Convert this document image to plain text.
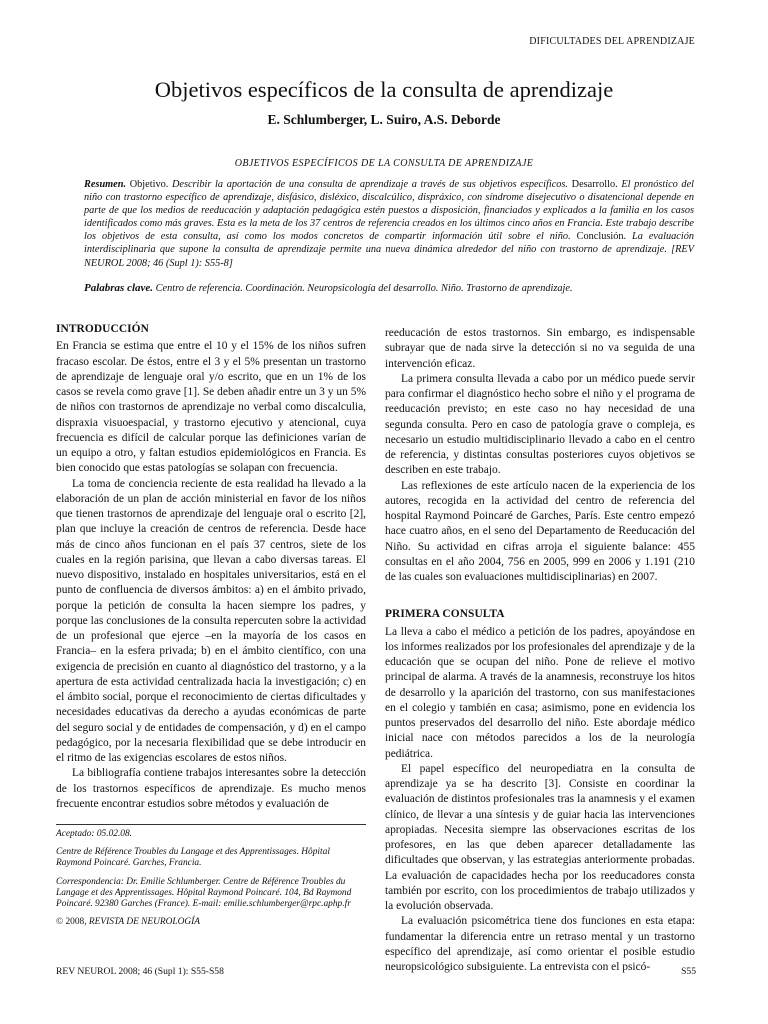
DIFICULTADES DEL APRENDIZAJE
Objetivos específicos de la consulta de aprendizaje
E. Schlumberger, L. Suiro, A.S. Deborde
OBJETIVOS ESPECÍFICOS DE LA CONSULTA DE APRENDIZAJE
Resumen. Objetivo. Describir la aportación de una consulta de aprendizaje a través de sus objetivos específicos. Desarrollo. El pronóstico del niño con trastorno específico de aprendizaje, disfásico, disléxico, discalcúlico, dispráxico, con síndrome disejecutivo o disatencional depende en parte de que los medios de reeducación y adaptación pedagógica estén puestos a disposición, financiados y explicados a la familia en los casos identificados como más graves. Esta es la meta de los 37 centros de referencia creados en los últimos cinco años en Francia. Este trabajo describe los objetivos de esta consulta, así como los modos concretos de compartir información útil sobre el niño. Conclusión. La evaluación interdisciplinaria que supone la consulta de aprendizaje permite una nueva dinámica alrededor del niño con trastorno de aprendizaje. [REV NEUROL 2008; 46 (Supl 1): S55-8]
Palabras clave. Centro de referencia. Coordinación. Neuropsicología del desarrollo. Niño. Trastorno de aprendizaje.
INTRODUCCIÓN

En Francia se estima que entre el 10 y el 15% de los niños sufren fracaso escolar. De éstos, entre el 3 y el 5% presentan un trastorno de aprendizaje de lenguaje oral y/o escrito, que en un 1% de los casos se revela como grave [1]. Se deben añadir entre un 3 y un 5% de niños con trastornos de aprendizaje no verbal como discalculia, dispraxia visuoespacial, y trastorno ejecutivo y atencional, cuya frecuencia es difícil de calcular porque las definiciones varían de un equipo a otro, y faltan estudios epidemiológicos en Francia. Es bien conocido que estas patologías se solapan con frecuencia.

La toma de conciencia reciente de esta realidad ha llevado a la elaboración de un plan de acción ministerial en favor de los niños que tienen trastornos de aprendizaje del lenguaje oral o escrito [2], plan que incluye la creación de centros de referencia. Desde hace más de cinco años funcionan en el país 37 centros, siete de los cuales en la región parisina, que llevan a cabo diversas tareas. El nuevo dispositivo, instalado en hospitales universitarios, está en el punto de confluencia de diversos ámbitos: a) en el ámbito privado, porque la petición de consulta la hacen siempre los padres, y porque las conclusiones de la consulta repercuten sobre la actividad de un profesional que ejerce –en la mayoría de los casos en Francia– en la esfera privada; b) en el ámbito científico, con una exigencia de precisión en cuanto al diagnóstico del trastorno, y a la apertura de esta actividad centralizada hacia la investigación; c) en el ámbito social, porque el reconocimiento de ciertas dificultades y necesidades educativas da derecho a ayudas económicas de parte del seguro social y de entidades de compensación, y d) en el campo pedagógico, por la necesaria flexibilidad que se debe introducir en el ritmo de las exigencias escolares de estos niños.

La bibliografía contiene trabajos interesantes sobre la detección de los trastornos específicos de aprendizaje. Es mucho menos frecuente encontrar estudios sobre métodos y evaluación de

reeducación de estos trastornos. Sin embargo, es indispensable subrayar que de nada sirve la detección si no va seguida de una intervención eficaz.

La primera consulta llevada a cabo por un médico puede servir para confirmar el diagnóstico hecho sobre el niño y el programa de reeducación previsto; en este caso no hay necesidad de una segunda consulta. Pero en caso de patología grave o compleja, es necesario un estudio multidisciplinario llevado a cabo en el centro de referencia, y distintas consultas posteriores cuyos objetivos se describen en este trabajo.

Las reflexiones de este artículo nacen de la experiencia de los autores, recogida en la actividad del centro de referencia del hospital Raymond Poincaré de Garches, París. Este centro empezó hace cuatro años, en el seno del Departamento de Reeducación del Niño. Su actividad en cifras arroja el siguiente balance: 455 consultas en el año 2004, 756 en 2005, 999 en 2006 y 1.191 (210 de las cuales son evaluaciones multidisciplinarias) en 2007.

PRIMERA CONSULTA

La lleva a cabo el médico a petición de los padres, apoyándose en los informes realizados por los profesionales del aprendizaje y de la educación que se ocupan del niño. Pone de relieve el motivo principal de alarma. A través de la anamnesis, reconstruye los hitos de desarrollo y la aparición del trastorno, con sus manifestaciones en el colegio y también en casa; asimismo, pone en evidencia los puntos preservados del desarrollo del niño. Este abordaje médico inicial nace con métodos parecidos a los de la neurología pediátrica.

El papel específico del neuropediatra en la consulta de aprendizaje ya se ha descrito [3]. Consiste en coordinar la evaluación de distintos profesionales tras la anamnesis y el examen clínico, de llevar a una síntesis y de guiar hacia las intervenciones apropiadas. Necesita siempre las observaciones escritas de los profesores, en las que deben aparecer detalladamente las dificultades que observan, y las estrategias anteriormente probadas. La evaluación de capacidades hecha por los reeducadores consta también por escrito, con los procedimientos de trabajo utilizados y la evolución observada.

La evaluación psicométrica tiene dos funciones en esta etapa: fundamentar la diferencia entre un retraso mental y un trastorno específico del aprendizaje, así como orientar el posible estudio neuropsicológico subsiguiente. La entrevista con el psicó-

Aceptado: 05.02.08.

Centre de Référence Troubles du Langage et des Apprentissages. Hôpital Raymond Poincaré. Garches, Francia.

Correspondencia: Dr. Emilie Schlumberger. Centre de Référence Troubles du Langage et des Apprentissages. Hôpital Raymond Poincaré. 104, Bd Raymond Poincaré. 92380 Garches (France). E-mail: emilie.schlumberger@rpc.aphp.fr

© 2008, REVISTA DE NEUROLOGÍA

REV NEUROL 2008; 46 (Supl 1): S55-S58	S55
